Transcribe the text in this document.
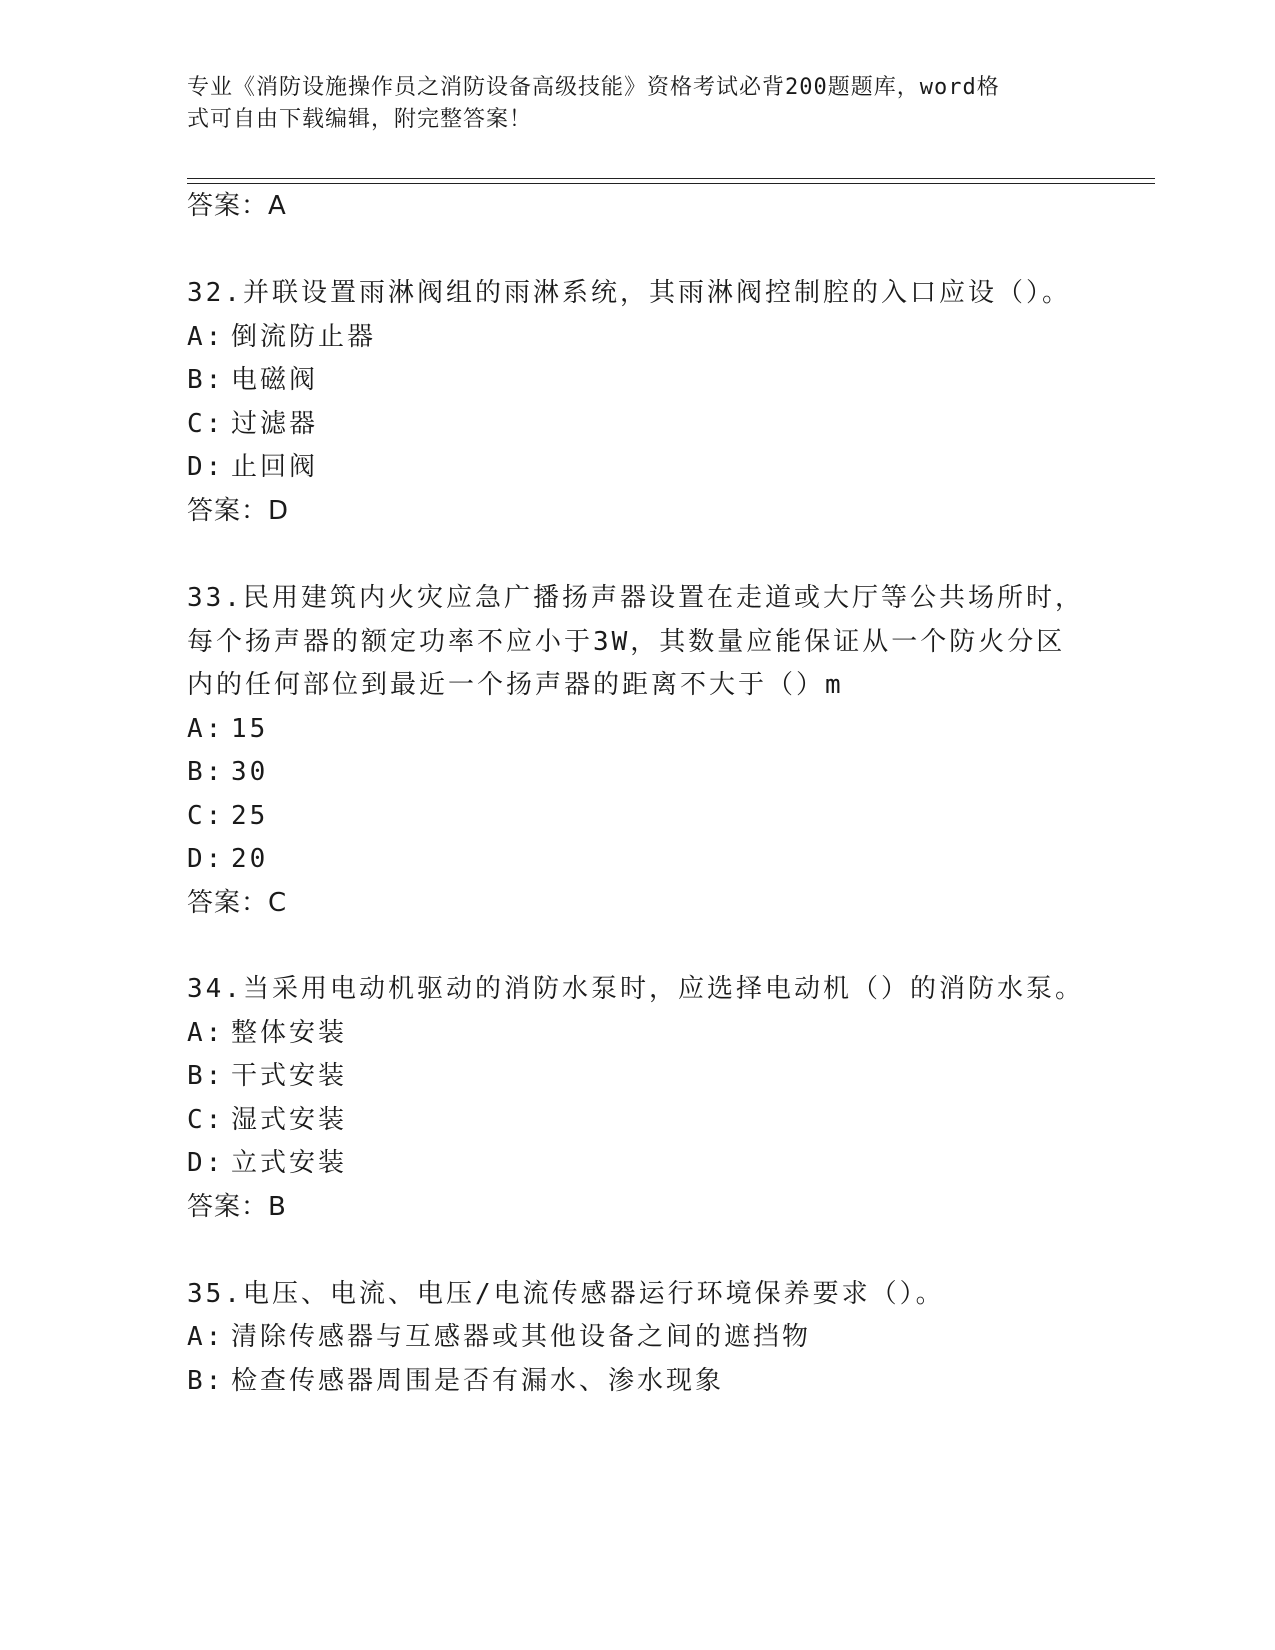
专业《消防设施操作员之消防设备高级技能》资格考试必背200题题库，word格
式可自由下载编辑，附完整答案！
答案：A
32.并联设置雨淋阀组的雨淋系统，其雨淋阀控制腔的入口应设（）。
A: 倒流防止器
B: 电磁阀
C: 过滤器
D: 止回阀
答案：D
33.民用建筑内火灾应急广播扬声器设置在走道或大厅等公共场所时，
每个扬声器的额定功率不应小于3W，其数量应能保证从一个防火分区
内的任何部位到最近一个扬声器的距离不大于（）m
A: 15
B: 30
C: 25
D: 20
答案：C
34.当采用电动机驱动的消防水泵时，应选择电动机（）的消防水泵。
A: 整体安装
B: 干式安装
C: 湿式安装
D: 立式安装
答案：B
35.电压、电流、电压/电流传感器运行环境保养要求（）。
A: 清除传感器与互感器或其他设备之间的遮挡物
B: 检查传感器周围是否有漏水、渗水现象
